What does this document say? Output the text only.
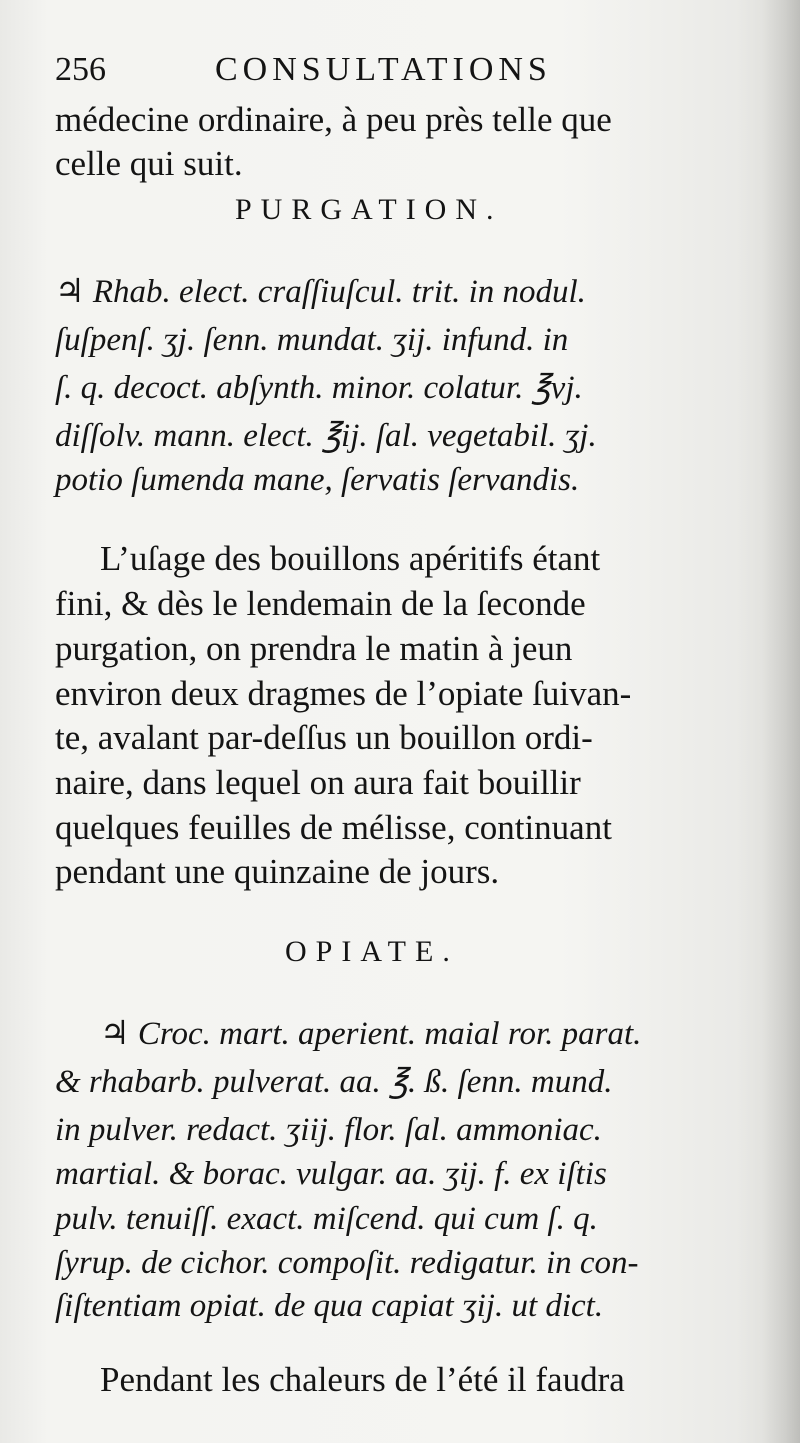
256	CONSULTATIONS
médecine ordinaire, à peu près telle que
celle qui suit.
PURGATION.
♃ Rhab. elect. craſſiuſcul. trit. in nodul.
ſuſpenſ. ʒj. ſenn. mundat. ʒij. infund. in
ſ. q. decoct. abſynth. minor. colatur. ℥vj.
diſſolv. mann. elect. ℥ij. ſal. vegetabil. ʒj.
potio ſumenda mane, ſervatis ſervandis.
L’uſage des bouillons apéritifs étant
fini, & dès le lendemain de la ſeconde
purgation, on prendra le matin à jeun
environ deux dragmes de l’opiate ſuivan-
te, avalant par-deſſus un bouillon ordi-
naire, dans lequel on aura fait bouillir
quelques feuilles de mélisse, continuant
pendant une quinzaine de jours.
OPIATE.
♃ Croc. mart. aperient. maial ror. parat.
& rhabarb. pulverat. aa. ℥. ß. ſenn. mund.
in pulver. redact. ʒiij. flor. ſal. ammoniac.
martial. & borac. vulgar. aa. ʒij. f. ex iſtis
pulv. tenuiſſ. exact. miſcend. qui cum ſ. q.
ſyrup. de cichor. compoſit. redigatur. in con-
ſiſtentiam opiat. de qua capiat ʒij. ut dict.
Pendant les chaleurs de l’été il faudra
